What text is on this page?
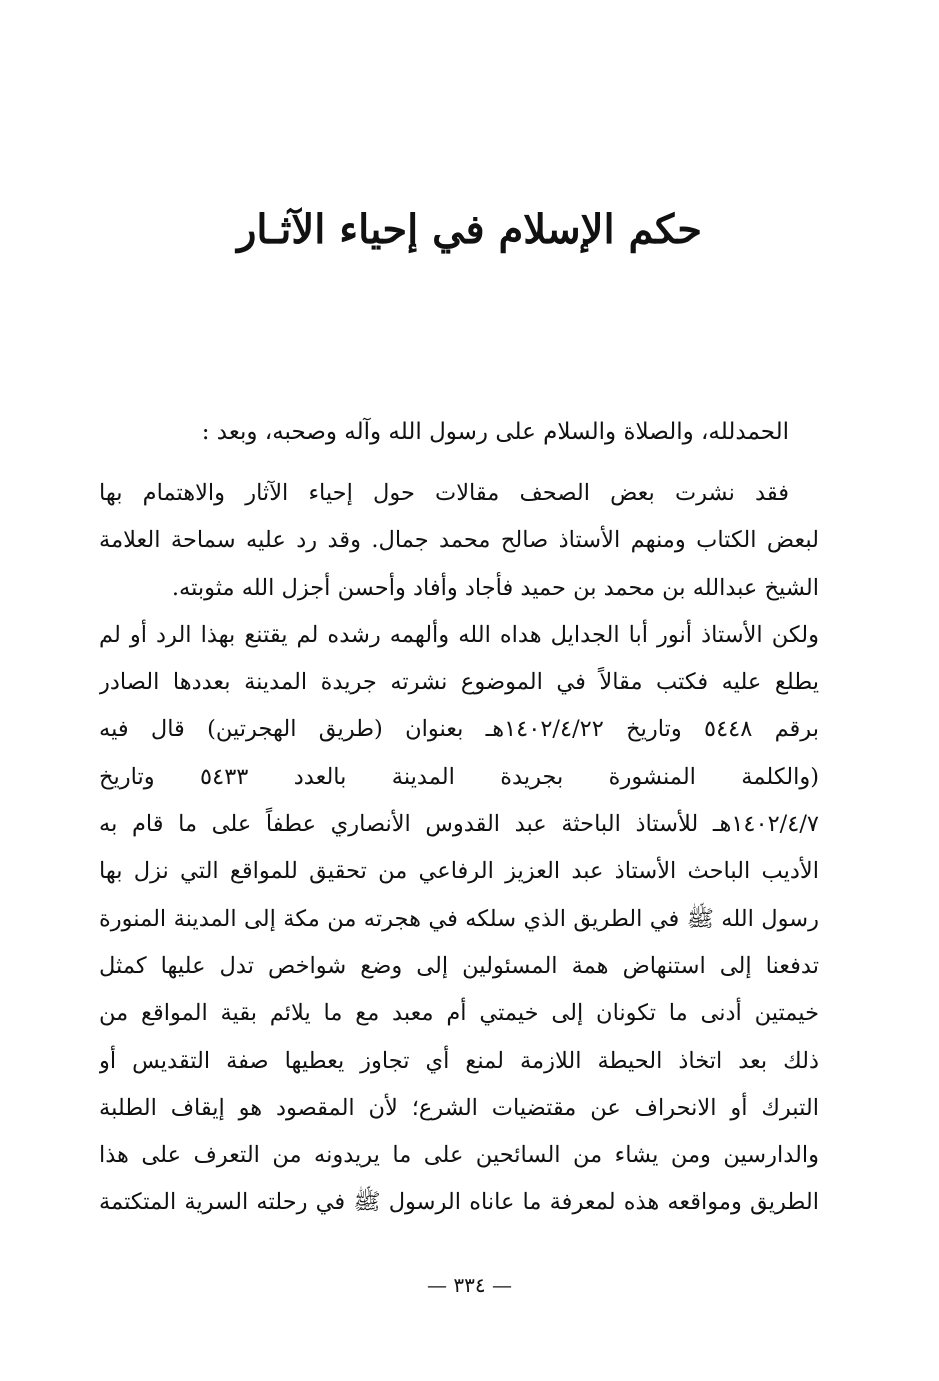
حكم الإسلام في إحياء الآثـار

الحمدلله، والصلاة والسلام على رسول الله وآله وصحبه، وبعد :

فقد نشرت بعض الصحف مقالات حول إحياء الآثار والاهتمام بها
لبعض الكتاب ومنهم الأستاذ صالح محمد جمال. وقد رد عليه سماحة العلامة
الشيخ عبدالله بن محمد بن حميد فأجاد وأفاد وأحسن أجزل الله مثوبته.
ولكن الأستاذ أنور أبا الجدايل هداه الله وألهمه رشده لم يقتنع بهذا الرد أو لم
يطلع عليه فكتب مقالاً في الموضوع نشرته جريدة المدينة بعددها الصادر
برقم ٥٤٤٨ وتاريخ ١٤٠٢/٤/٢٢هـ بعنوان (طريق الهجرتين) قال فيه
(والكلمة المنشورة بجريدة المدينة بالعدد ٥٤٣٣ وتاريخ
١٤٠٢/٤/٧هـ للأستاذ الباحثة عبد القدوس الأنصاري عطفاً على ما قام به
الأديب الباحث الأستاذ عبد العزيز الرفاعي من تحقيق للمواقع التي نزل بها
رسول الله ﷺ في الطريق الذي سلكه في هجرته من مكة إلى المدينة المنورة
تدفعنا إلى استنهاض همة المسئولين إلى وضع شواخص تدل عليها كمثل
خيمتين أدنى ما تكونان إلى خيمتي أم معبد مع ما يلائم بقية المواقع من
ذلك بعد اتخاذ الحيطة اللازمة لمنع أي تجاوز يعطيها صفة التقديس أو
التبرك أو الانحراف عن مقتضيات الشرع؛ لأن المقصود هو إيقاف الطلبة
والدارسين ومن يشاء من السائحين على ما يريدونه من التعرف على هذا
الطريق ومواقعه هذه لمعرفة ما عاناه الرسول ﷺ في رحلته السرية المتكتمة

— ٣٣٤ —
